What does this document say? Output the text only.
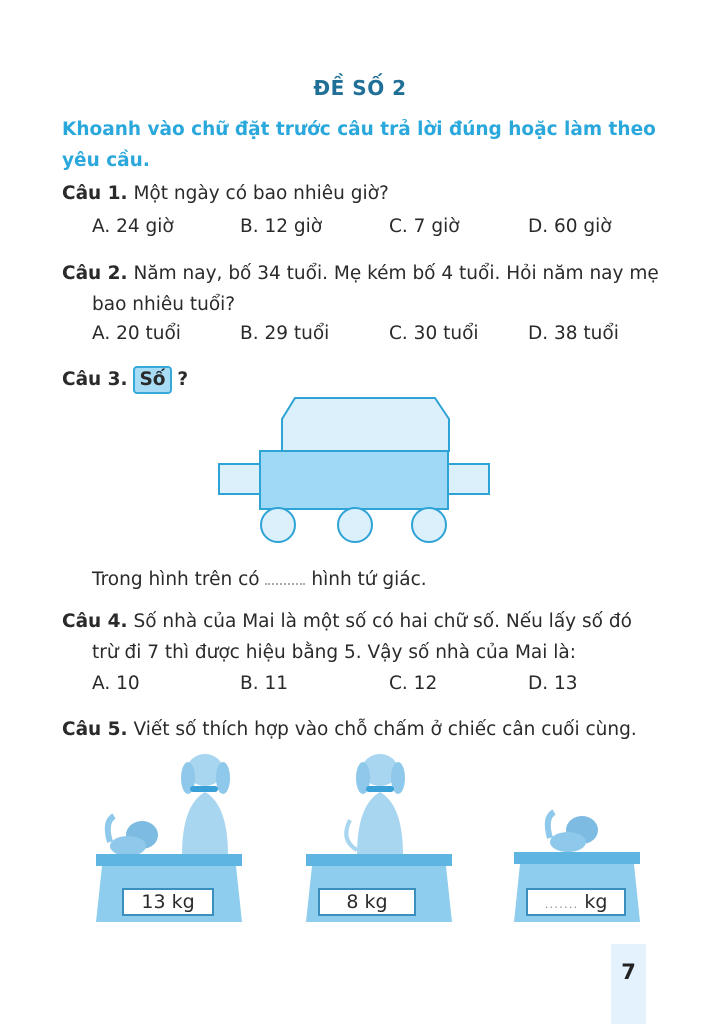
ĐỀ SỐ 2
Khoanh vào chữ đặt trước câu trả lời đúng hoặc làm theo yêu cầu.
Câu 1. Một ngày có bao nhiêu giờ?
A. 24 giờ	B. 12 giờ	C. 7 giờ	D. 60 giờ
Câu 2. Năm nay, bố 34 tuổi. Mẹ kém bố 4 tuổi. Hỏi năm nay mẹ
bao nhiêu tuổi?
A. 20 tuổi	B. 29 tuổi	C. 30 tuổi	D. 38 tuổi
Câu 3. Số ?
Trong hình trên có	hình tứ giác.
Câu 4. Số nhà của Mai là một số có hai chữ số. Nếu lấy số đó
trừ đi 7 thì được hiệu bằng 5. Vậy số nhà của Mai là:
A. 10	B. 11	C. 12	D. 13
Câu 5. Viết số thích hợp vào chỗ chấm ở chiếc cân cuối cùng.
13 kg	8 kg	....... kg
7
